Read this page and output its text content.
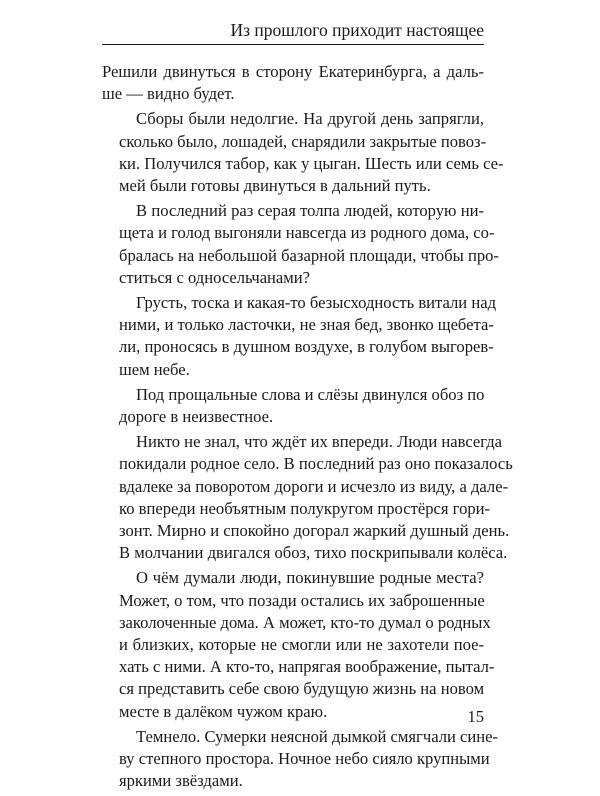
Из прошлого приходит настоящее
Решили двинуться в сторону Екатеринбурга, а даль-
ше — видно будет.
Сборы были недолгие. На другой день запрягли,
сколько было, лошадей, снарядили закрытые повоз-
ки. Получился табор, как у цыган. Шесть или семь се-
мей были готовы двинуться в дальний путь.
В последний раз серая толпа людей, которую ни-
щета и голод выгоняли навсегда из родного дома, со-
бралась на небольшой базарной площади, чтобы про-
ститься с односельчанами?
Грусть, тоска и какая-то безысходность витали над
ними, и только ласточки, не зная бед, звонко щебета-
ли, проносясь в душном воздухе, в голубом выгорев-
шем небе.
Под прощальные слова и слёзы двинулся обоз по
дороге в неизвестное.
Никто не знал, что ждёт их впереди. Люди навсегда
покидали родное село. В последний раз оно показалось
вдалеке за поворотом дороги и исчезло из виду, а дале-
ко впереди необъятным полукругом простёрся гори-
зонт. Мирно и спокойно догорал жаркий душный день.
В молчании двигался обоз, тихо поскрипывали колёса.
О чём думали люди, покинувшие родные места?
Может, о том, что позади остались их заброшенные
заколоченные дома. А может, кто-то думал о родных
и близких, которые не смогли или не захотели пое-
хать с ними. А кто-то, напрягая воображение, пытал-
ся представить себе свою будущую жизнь на новом
месте в далёком чужом краю.
Темнело. Сумерки неясной дымкой смягчали сине-
ву степного простора. Ночное небо сияло крупными
яркими звёздами.
15
